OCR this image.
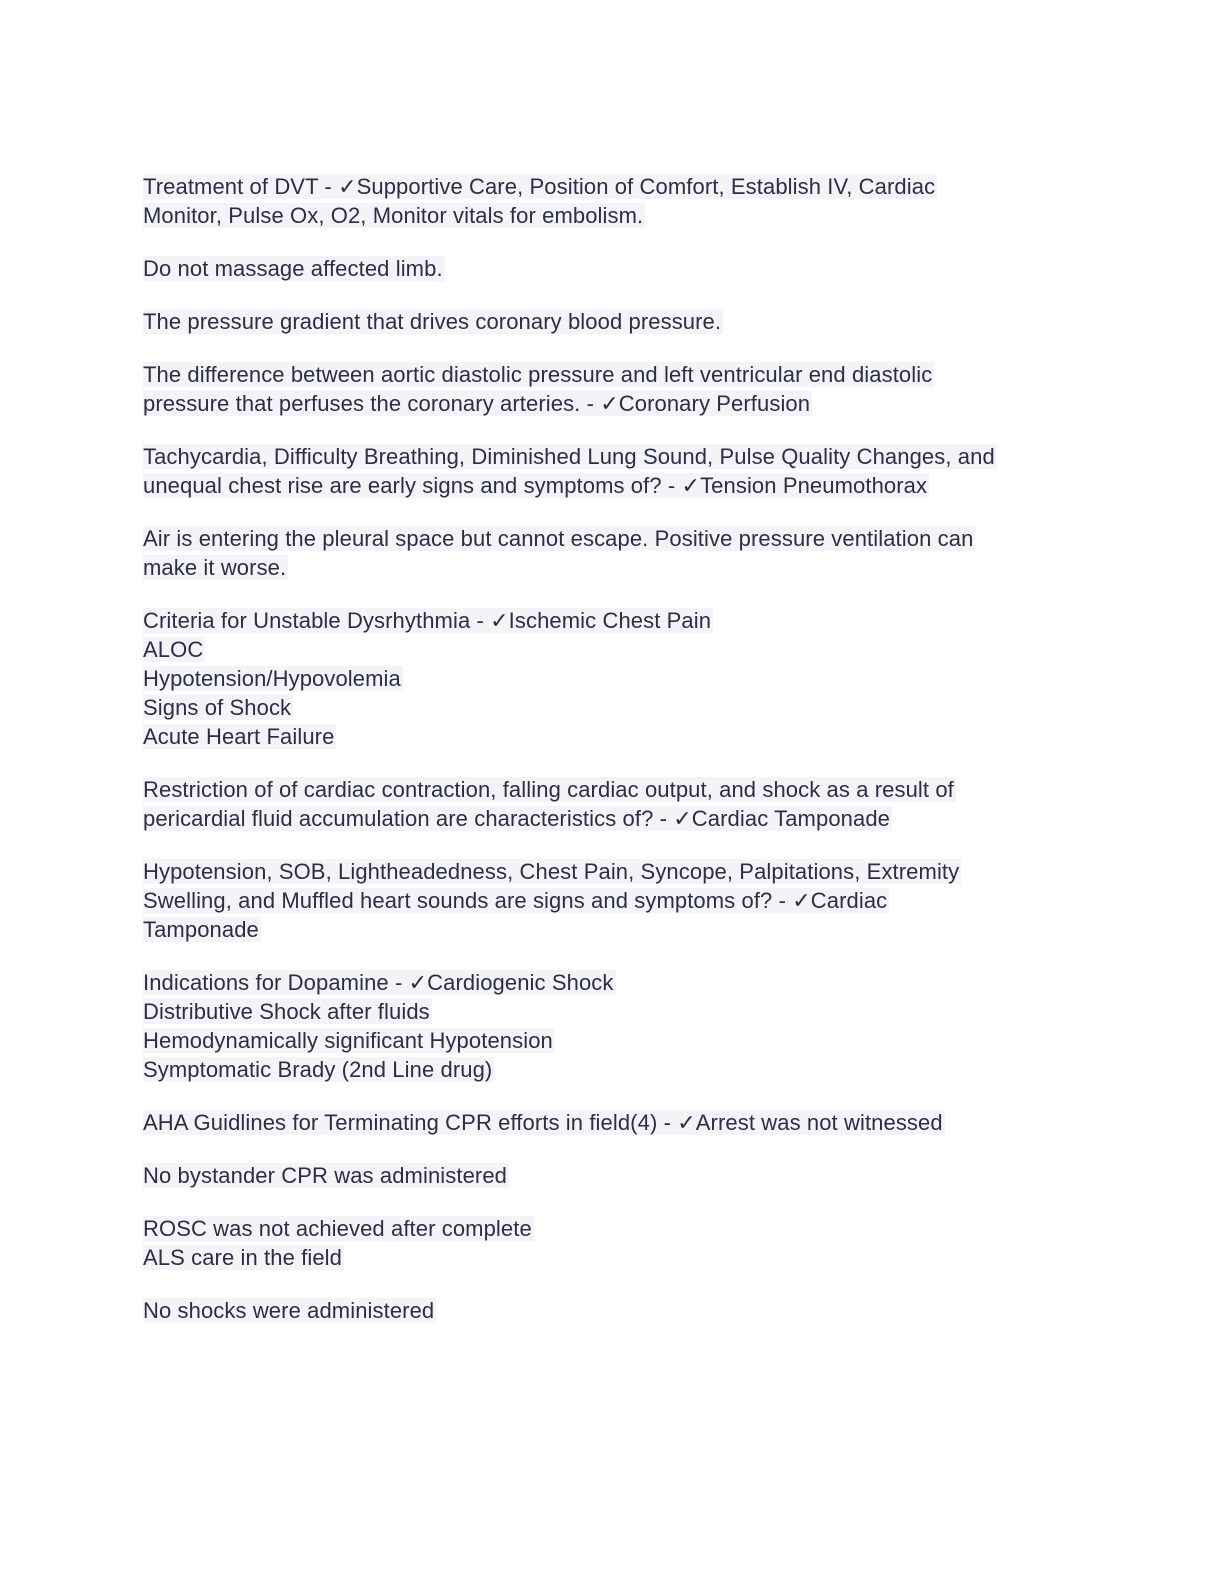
Treatment of DVT - ✓Supportive Care, Position of Comfort, Establish IV, Cardiac
Monitor, Pulse Ox, O2, Monitor vitals for embolism.
Do not massage affected limb.
The pressure gradient that drives coronary blood pressure.
The difference between aortic diastolic pressure and left ventricular end diastolic
pressure that perfuses the coronary arteries. - ✓Coronary Perfusion
Tachycardia, Difficulty Breathing, Diminished Lung Sound, Pulse Quality Changes, and
unequal chest rise are early signs and symptoms of? - ✓Tension Pneumothorax
Air is entering the pleural space but cannot escape. Positive pressure ventilation can
make it worse.
Criteria for Unstable Dysrhythmia - ✓Ischemic Chest Pain
ALOC
Hypotension/Hypovolemia
Signs of Shock
Acute Heart Failure
Restriction of of cardiac contraction, falling cardiac output, and shock as a result of
pericardial fluid accumulation are characteristics of? - ✓Cardiac Tamponade
Hypotension, SOB, Lightheadedness, Chest Pain, Syncope, Palpitations, Extremity
Swelling, and Muffled heart sounds are signs and symptoms of? - ✓Cardiac
Tamponade
Indications for Dopamine - ✓Cardiogenic Shock
Distributive Shock after fluids
Hemodynamically significant Hypotension
Symptomatic Brady (2nd Line drug)
AHA Guidlines for Terminating CPR efforts in field(4) - ✓Arrest was not witnessed
No bystander CPR was administered
ROSC was not achieved after complete
ALS care in the field
No shocks were administered
